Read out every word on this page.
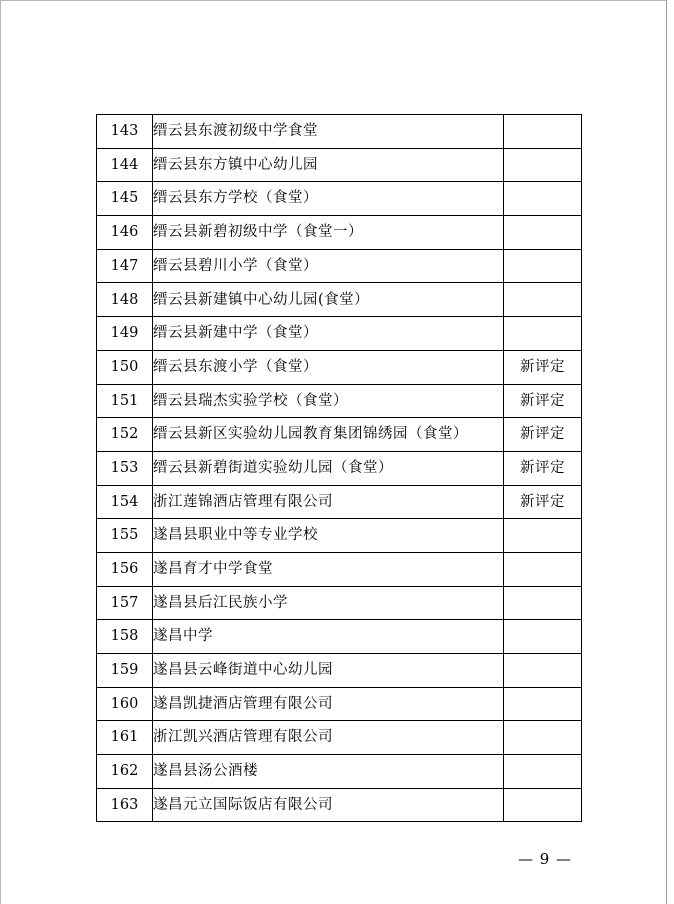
143	缙云县东渡初级中学食堂	
144	缙云县东方镇中心幼儿园	
145	缙云县东方学校（食堂）	
146	缙云县新碧初级中学（食堂一）	
147	缙云县碧川小学（食堂）	
148	缙云县新建镇中心幼儿园(食堂）	
149	缙云县新建中学（食堂）	
150	缙云县东渡小学（食堂）	新评定
151	缙云县瑞杰实验学校（食堂）	新评定
152	缙云县新区实验幼儿园教育集团锦绣园（食堂）	新评定
153	缙云县新碧街道实验幼儿园（食堂）	新评定
154	浙江莲锦酒店管理有限公司	新评定
155	遂昌县职业中等专业学校	
156	遂昌育才中学食堂	
157	遂昌县后江民族小学	
158	遂昌中学	
159	遂昌县云峰街道中心幼儿园	
160	遂昌凯捷酒店管理有限公司	
161	浙江凯兴酒店管理有限公司	
162	遂昌县汤公酒楼	
163	遂昌元立国际饭店有限公司	
— 9 —
